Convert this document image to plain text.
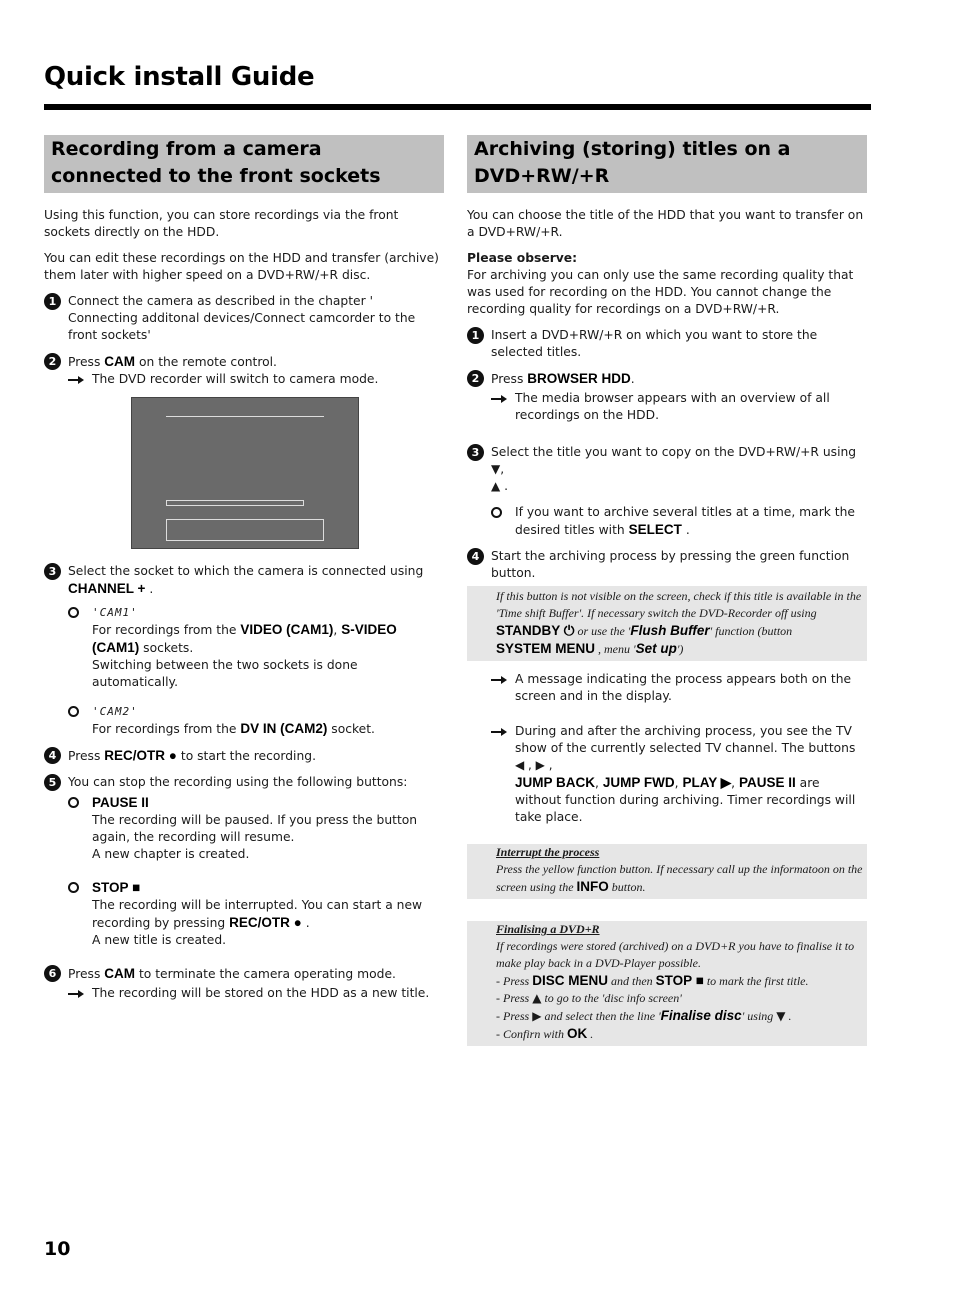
Quick install Guide
Recording from a camera connected to the front sockets

Using this function, you can store recordings via the front sockets directly on the HDD.

You can edit these recordings on the HDD and transfer (archive) them later with higher speed on a DVD+RW/+R disc.

1 Connect the camera as described in the chapter ' Connecting additonal devices/Connect camcorder to the front sockets'
2 Press CAM on the remote control.
The DVD recorder will switch to camera mode.
3 Select the socket to which the camera is connected using
CHANNEL + .
'CAM1'
For recordings from the VIDEO (CAM1), S-VIDEO (CAM1) sockets.
Switching between the two sockets is done automatically.
'CAM2'
For recordings from the DV IN (CAM2) socket.
4 Press REC/OTR ● to start the recording.
5 You can stop the recording using the following buttons:
PAUSE II
The recording will be paused. If you press the button again, the recording will resume.
A new chapter is created.
STOP ■
The recording will be interrupted. You can start a new recording by pressing REC/OTR ● .
A new title is created.
6 Press CAM to terminate the camera operating mode.
The recording will be stored on the HDD as a new title.
Archiving (storing) titles on a DVD+RW/+R

You can choose the title of the HDD that you want to transfer on a DVD+RW/+R.

Please observe:

For archiving you can only use the same recording quality that was used for recording on the HDD. You cannot change the recording quality for recordings on a DVD+RW/+R.

1 Insert a DVD+RW/+R on which you want to store the selected titles.
2 Press BROWSER HDD.
The media browser appears with an overview of all recordings on the HDD.
3 Select the title you want to copy on the DVD+RW/+R using ▼,
▲ .
If you want to archive several titles at a time, mark the desired titles with SELECT .
4 Start the archiving process by pressing the green function button.
If this button is not visible on the screen, check if this title is available in the 'Time shift Buffer'. If necessary switch the DVD-Recorder off using STANDBY ⏻ or use the 'Flush Buffer' function (button
SYSTEM MENU , menu 'Set up')
A message indicating the process appears both on the screen and in the display.
During and after the archiving process, you see the TV show of the currently selected TV channel. The buttons ◀ , ▶ ,
JUMP BACK, JUMP FWD, PLAY ▶, PAUSE II are without function during archiving. Timer recordings will take place.
Interrupt the process
Press the yellow function button. If necessary call up the informatoon on the screen using the INFO button.
Finalising a DVD+R
If recordings were stored (archived) on a DVD+R you have to finalise it to make play back in a DVD-Player possible.
- Press DISC MENU and then STOP ■ to mark the first title.
- Press ▲ to go to the 'disc info screen'
- Press ▶ and select then the line 'Finalise disc' using ▼ .
- Confirn with OK .
10
